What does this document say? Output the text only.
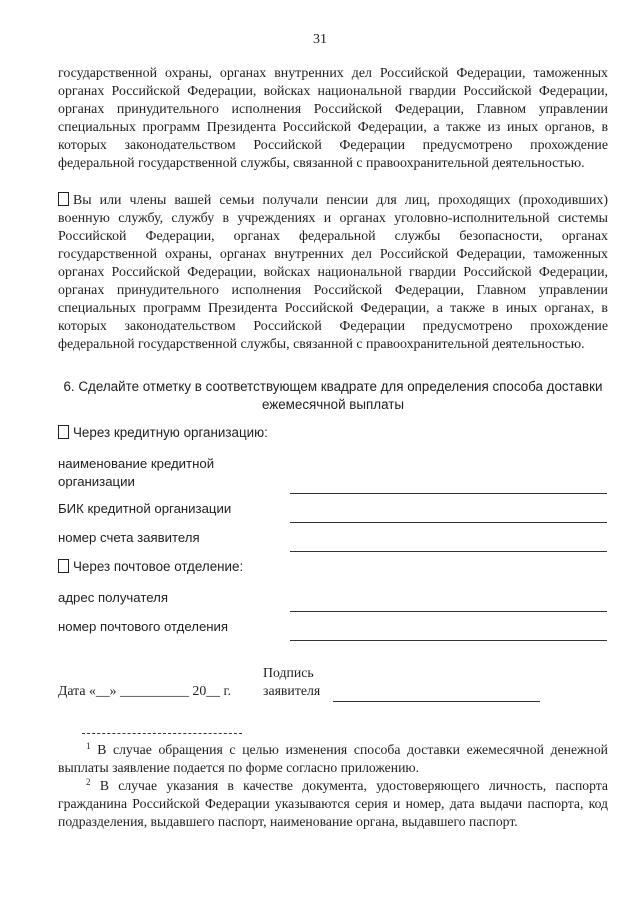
31
государственной охраны, органах внутренних дел Российской Федерации, таможенных органах Российской Федерации, войсках национальной гвардии Российской Федерации, органах принудительного исполнения Российской Федерации, Главном управлении специальных программ Президента Российской Федерации, а также из иных органов, в которых законодательством Российской Федерации предусмотрено прохождение федеральной государственной службы, связанной с правоохранительной деятельностью.
Вы или члены вашей семьи получали пенсии для лиц, проходящих (проходивших) военную службу, службу в учреждениях и органах уголовно-исполнительной системы Российской Федерации, органах федеральной службы безопасности, органах государственной охраны, органах внутренних дел Российской Федерации, таможенных органах Российской Федерации, войсках национальной гвардии Российской Федерации, органах принудительного исполнения Российской Федерации, Главном управлении специальных программ Президента Российской Федерации, а также в иных органах, в которых законодательством Российской Федерации предусмотрено прохождение федеральной государственной службы, связанной с правоохранительной деятельностью.
6. Сделайте отметку в соответствующем квадрате для определения способа доставки
ежемесячной выплаты
Через кредитную организацию:
наименование кредитной
организации
БИК кредитной организации
номер счета заявителя
Через почтовое отделение:
адрес получателя
номер почтового отделения
Подпись
заявителя
Дата «__» __________ 20__ г.
$^1$ В случае обращения с целью изменения способа доставки ежемесячной денежной выплаты заявление подается по форме согласно приложению.
$^2$ В случае указания в качестве документа, удостоверяющего личность, паспорта гражданина Российской Федерации указываются серия и номер, дата выдачи паспорта, код подразделения, выдавшего паспорт, наименование органа, выдавшего паспорт.
